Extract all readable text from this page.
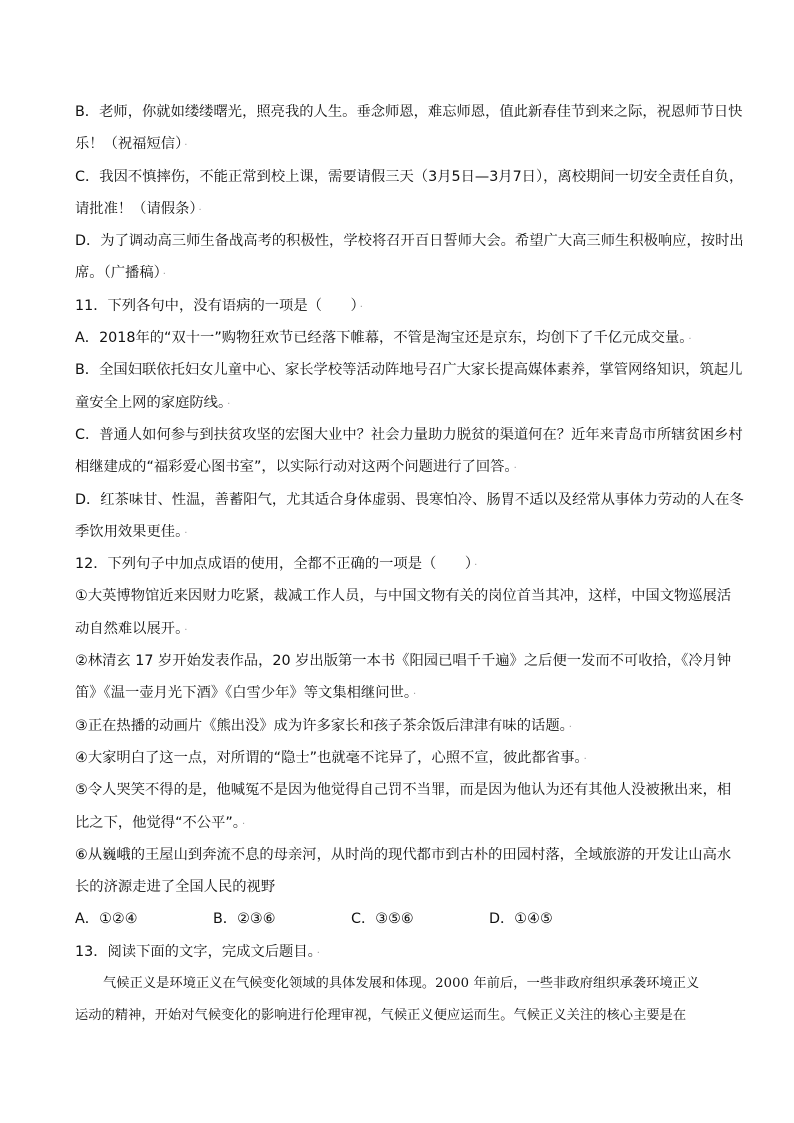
B．老师，你就如缕缕曙光，照亮我的人生。垂念师恩，难忘师恩，值此新春佳节到来之际，祝恩师节日快
乐！（祝福短信） ·
C．我因不慎摔伤，不能正常到校上课，需要请假三天（3月5日—3月7日），离校期间一切安全责任自负，
请批准！（请假条） ·
D．为了调动高三师生备战高考的积极性，学校将召开百日誓师大会。希望广大高三师生积极响应，按时出
席。（广播稿） ·
11．下列各句中，没有语病的一项是（　　） ·
A．2018年的“双十一”购物狂欢节已经落下帷幕，不管是淘宝还是京东，均创下了千亿元成交量。 ·
B．全国妇联依托妇女儿童中心、家长学校等活动阵地号召广大家长提高媒体素养，掌管网络知识，筑起儿
童安全上网的家庭防线。 ·
C．普通人如何参与到扶贫攻坚的宏图大业中？社会力量助力脱贫的渠道何在？近年来青岛市所辖贫困乡村
相继建成的“福彩爱心图书室”，以实际行动对这两个问题进行了回答。 ·
D．红茶味甘、性温，善蓄阳气，尤其适合身体虚弱、畏寒怕冷、肠胃不适以及经常从事体力劳动的人在冬
季饮用效果更佳。 ·
12．下列句子中加点成语的使用，全都不正确的一项是（　　） ·
①大英博物馆近来因财力吃紧，裁减工作人员，与中国文物有关的岗位首当其冲，这样，中国文物巡展活
动自然难以展开。 ·
②林清玄 17 岁开始发表作品，20 岁出版第一本书《阳园已唱千千遍》之后便一发而不可收拾，《冷月钟
笛》《温一壶月光下酒》《白雪少年》等文集相继问世。 ·
③正在热播的动画片《熊出没》成为许多家长和孩子茶余饭后津津有味的话题。 ·
④大家明白了这一点，对所谓的“隐士”也就毫不诧异了，心照不宣，彼此都省事。 ·
⑤令人哭笑不得的是，他喊冤不是因为他觉得自己罚不当罪，而是因为他认为还有其他人没被揪出来，相
比之下，他觉得“不公平”。 ·
⑥从巍峨的王屋山到奔流不息的母亲河，从时尚的现代都市到古朴的田园村落，全域旅游的开发让山高水
长的济源走进了全国人民的视野
A．①②④	B．②③⑥	C．③⑤⑥	D．①④⑤
13．阅读下面的文字，完成文后题目。 ·
气候正义是环境正义在气候变化领域的具体发展和体现。2000 年前后，一些非政府组织承袭环境正义
运动的精神，开始对气候变化的影响进行伦理审视，气候正义便应运而生。气候正义关注的核心主要是在
